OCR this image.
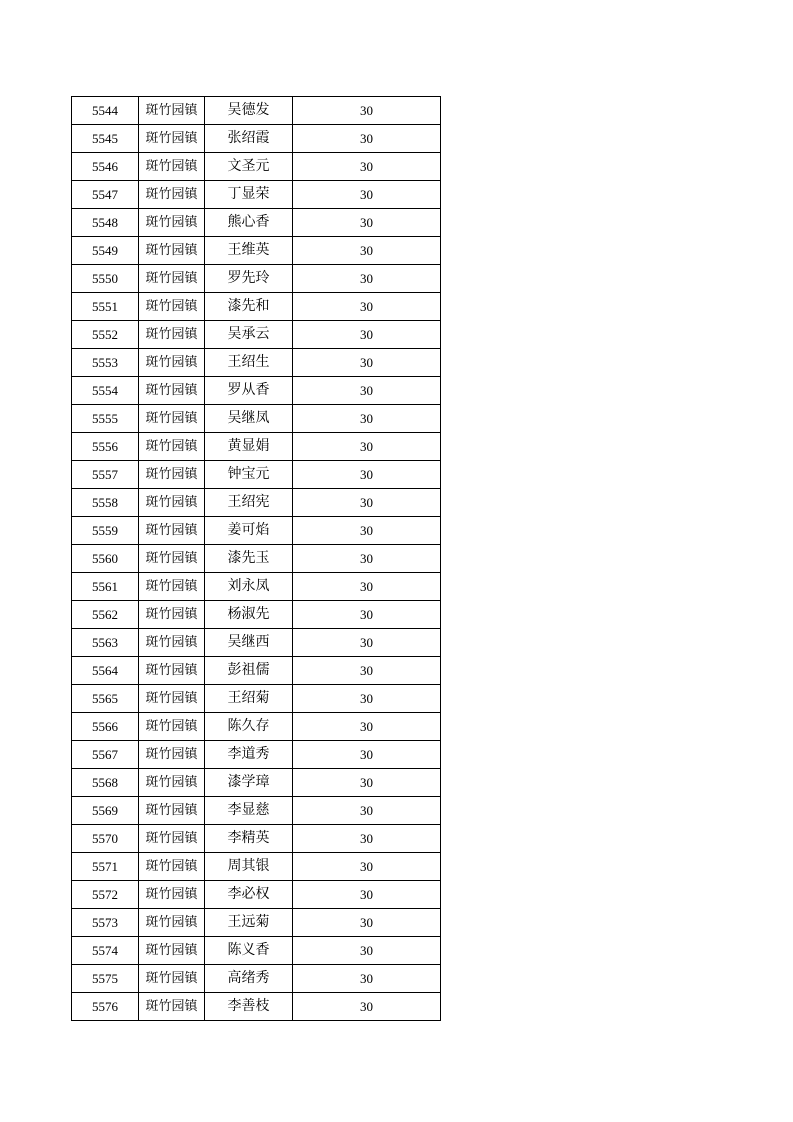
5544	斑竹园镇	吴德发	30
5545	斑竹园镇	张绍霞	30
5546	斑竹园镇	文圣元	30
5547	斑竹园镇	丁显荣	30
5548	斑竹园镇	熊心香	30
5549	斑竹园镇	王维英	30
5550	斑竹园镇	罗先玲	30
5551	斑竹园镇	漆先和	30
5552	斑竹园镇	吴承云	30
5553	斑竹园镇	王绍生	30
5554	斑竹园镇	罗从香	30
5555	斑竹园镇	吴继凤	30
5556	斑竹园镇	黄显娟	30
5557	斑竹园镇	钟宝元	30
5558	斑竹园镇	王绍宪	30
5559	斑竹园镇	姜可焰	30
5560	斑竹园镇	漆先玉	30
5561	斑竹园镇	刘永凤	30
5562	斑竹园镇	杨淑先	30
5563	斑竹园镇	吴继西	30
5564	斑竹园镇	彭祖儒	30
5565	斑竹园镇	王绍菊	30
5566	斑竹园镇	陈久存	30
5567	斑竹园镇	李道秀	30
5568	斑竹园镇	漆学璋	30
5569	斑竹园镇	李显慈	30
5570	斑竹园镇	李精英	30
5571	斑竹园镇	周其银	30
5572	斑竹园镇	李必权	30
5573	斑竹园镇	王远菊	30
5574	斑竹园镇	陈义香	30
5575	斑竹园镇	高绪秀	30
5576	斑竹园镇	李善枝	30
